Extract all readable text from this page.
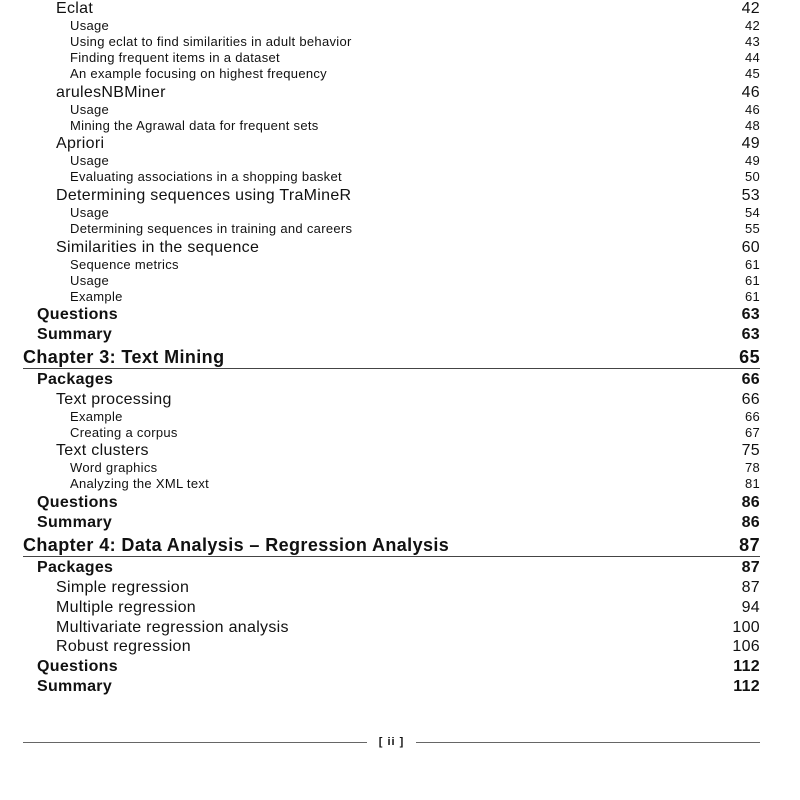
Eclat	42
Usage	42
Using eclat to find similarities in adult behavior	43
Finding frequent items in a dataset	44
An example focusing on highest frequency	45
arulesNBMiner	46
Usage	46
Mining the Agrawal data for frequent sets	48
Apriori	49
Usage	49
Evaluating associations in a shopping basket	50
Determining sequences using TraMineR	53
Usage	54
Determining sequences in training and careers	55
Similarities in the sequence	60
Sequence metrics	61
Usage	61
Example	61
Questions	63
Summary	63
Chapter 3: Text Mining	65
Packages	66
Text processing	66
Example	66
Creating a corpus	67
Text clusters	75
Word graphics	78
Analyzing the XML text	81
Questions	86
Summary	86
Chapter 4: Data Analysis – Regression Analysis	87
Packages	87
Simple regression	87
Multiple regression	94
Multivariate regression analysis	100
Robust regression	106
Questions	112
Summary	112
[ ii ]
